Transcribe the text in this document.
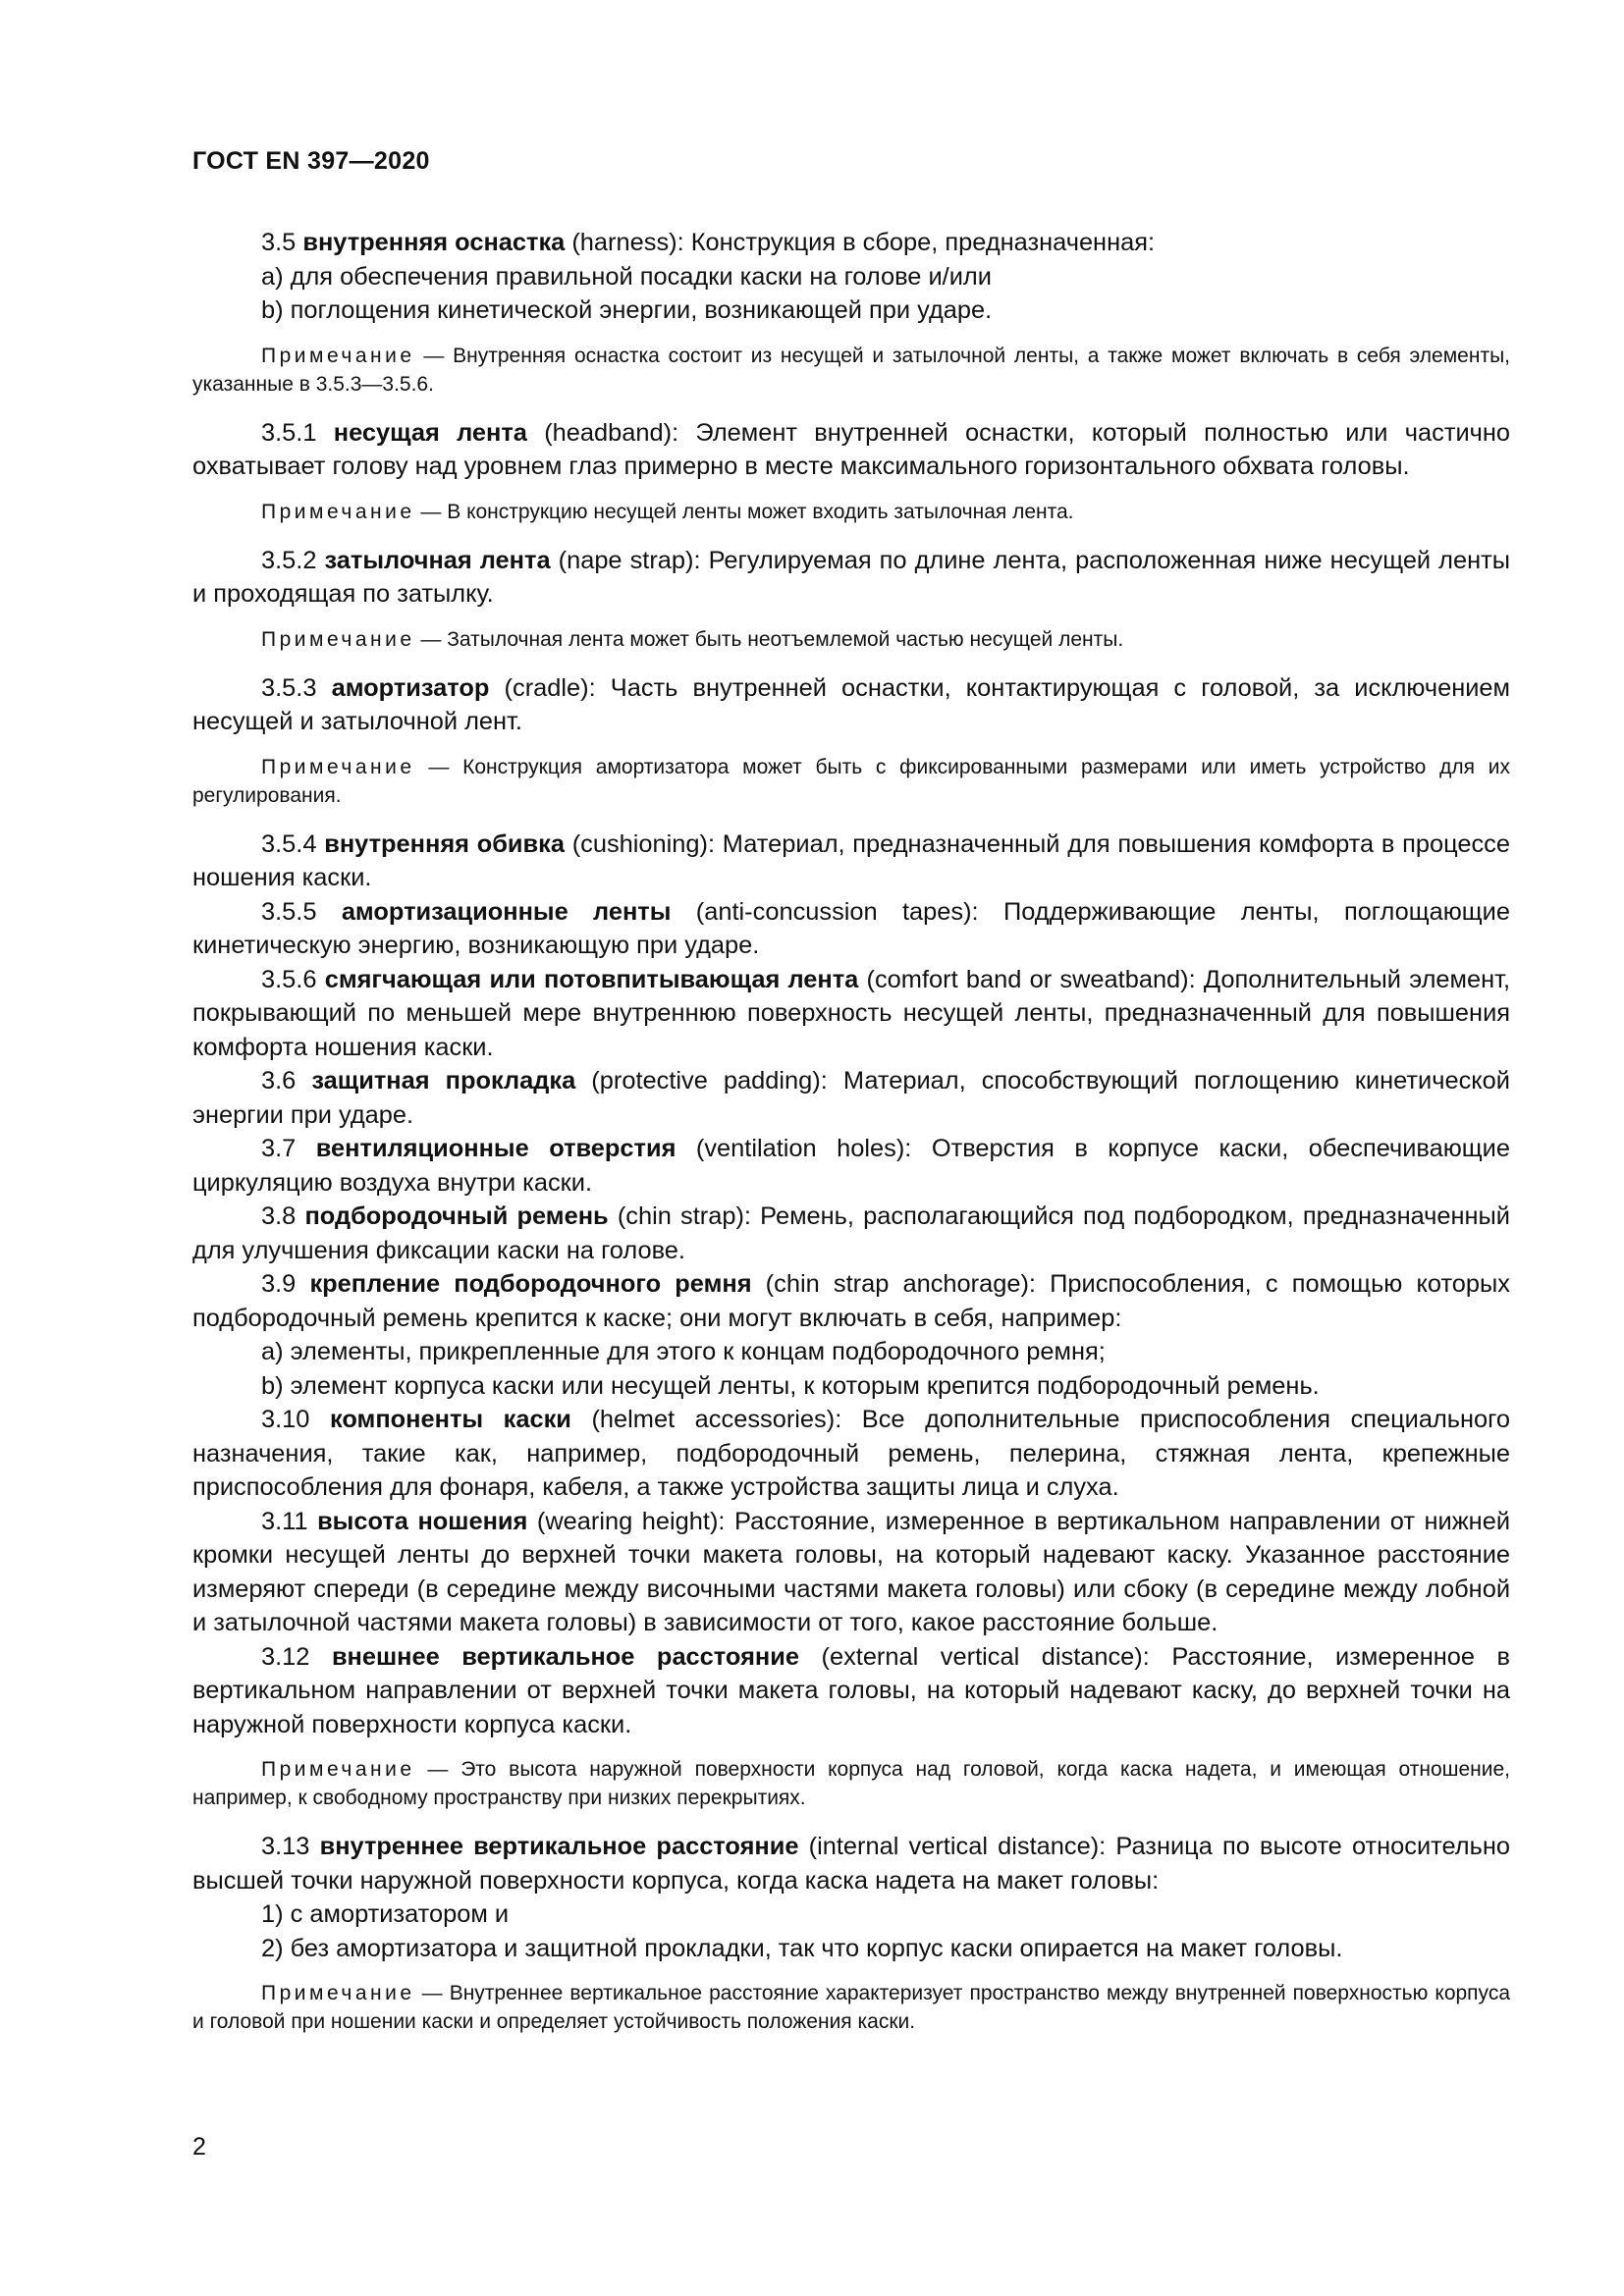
ГОСТ EN 397—2020

3.5 внутренняя оснастка (harness): Конструкция в сборе, предназначенная:

a) для обеспечения правильной посадки каски на голове и/или

b) поглощения кинетической энергии, возникающей при ударе.

Примечание — Внутренняя оснастка состоит из несущей и затылочной ленты, а также может включать в себя элементы, указанные в 3.5.3—3.5.6.

3.5.1 несущая лента (headband): Элемент внутренней оснастки, который полностью или частично охватывает голову над уровнем глаз примерно в месте максимального горизонтального обхвата головы.

Примечание — В конструкцию несущей ленты может входить затылочная лента.

3.5.2 затылочная лента (nape strap): Регулируемая по длине лента, расположенная ниже несущей ленты и проходящая по затылку.

Примечание — Затылочная лента может быть неотъемлемой частью несущей ленты.

3.5.3 амортизатор (cradle): Часть внутренней оснастки, контактирующая с головой, за исключением несущей и затылочной лент.

Примечание — Конструкция амортизатора может быть с фиксированными размерами или иметь устройство для их регулирования.

3.5.4 внутренняя обивка (cushioning): Материал, предназначенный для повышения комфорта в процессе ношения каски.

3.5.5 амортизационные ленты (anti-concussion tapes): Поддерживающие ленты, поглощающие кинетическую энергию, возникающую при ударе.

3.5.6 смягчающая или потовпитывающая лента (comfort band or sweatband): Дополнительный элемент, покрывающий по меньшей мере внутреннюю поверхность несущей ленты, предназначенный для повышения комфорта ношения каски.

3.6 защитная прокладка (protective padding): Материал, способствующий поглощению кинетической энергии при ударе.

3.7 вентиляционные отверстия (ventilation holes): Отверстия в корпусе каски, обеспечивающие циркуляцию воздуха внутри каски.

3.8 подбородочный ремень (chin strap): Ремень, располагающийся под подбородком, предназначенный для улучшения фиксации каски на голове.

3.9 крепление подбородочного ремня (chin strap anchorage): Приспособления, с помощью которых подбородочный ремень крепится к каске; они могут включать в себя, например:

a) элементы, прикрепленные для этого к концам подбородочного ремня;

b) элемент корпуса каски или несущей ленты, к которым крепится подбородочный ремень.

3.10 компоненты каски (helmet accessories): Все дополнительные приспособления специального назначения, такие как, например, подбородочный ремень, пелерина, стяжная лента, крепежные приспособления для фонаря, кабеля, а также устройства защиты лица и слуха.

3.11 высота ношения (wearing height): Расстояние, измеренное в вертикальном направлении от нижней кромки несущей ленты до верхней точки макета головы, на который надевают каску. Указанное расстояние измеряют спереди (в середине между височными частями макета головы) или сбоку (в середине между лобной и затылочной частями макета головы) в зависимости от того, какое расстояние больше.

3.12 внешнее вертикальное расстояние (external vertical distance): Расстояние, измеренное в вертикальном направлении от верхней точки макета головы, на который надевают каску, до верхней точки на наружной поверхности корпуса каски.

Примечание — Это высота наружной поверхности корпуса над головой, когда каска надета, и имеющая отношение, например, к свободному пространству при низких перекрытиях.

3.13 внутреннее вертикальное расстояние (internal vertical distance): Разница по высоте относительно высшей точки наружной поверхности корпуса, когда каска надета на макет головы:

1) с амортизатором и

2) без амортизатора и защитной прокладки, так что корпус каски опирается на макет головы.

Примечание — Внутреннее вертикальное расстояние характеризует пространство между внутренней поверхностью корпуса и головой при ношении каски и определяет устойчивость положения каски.

2
